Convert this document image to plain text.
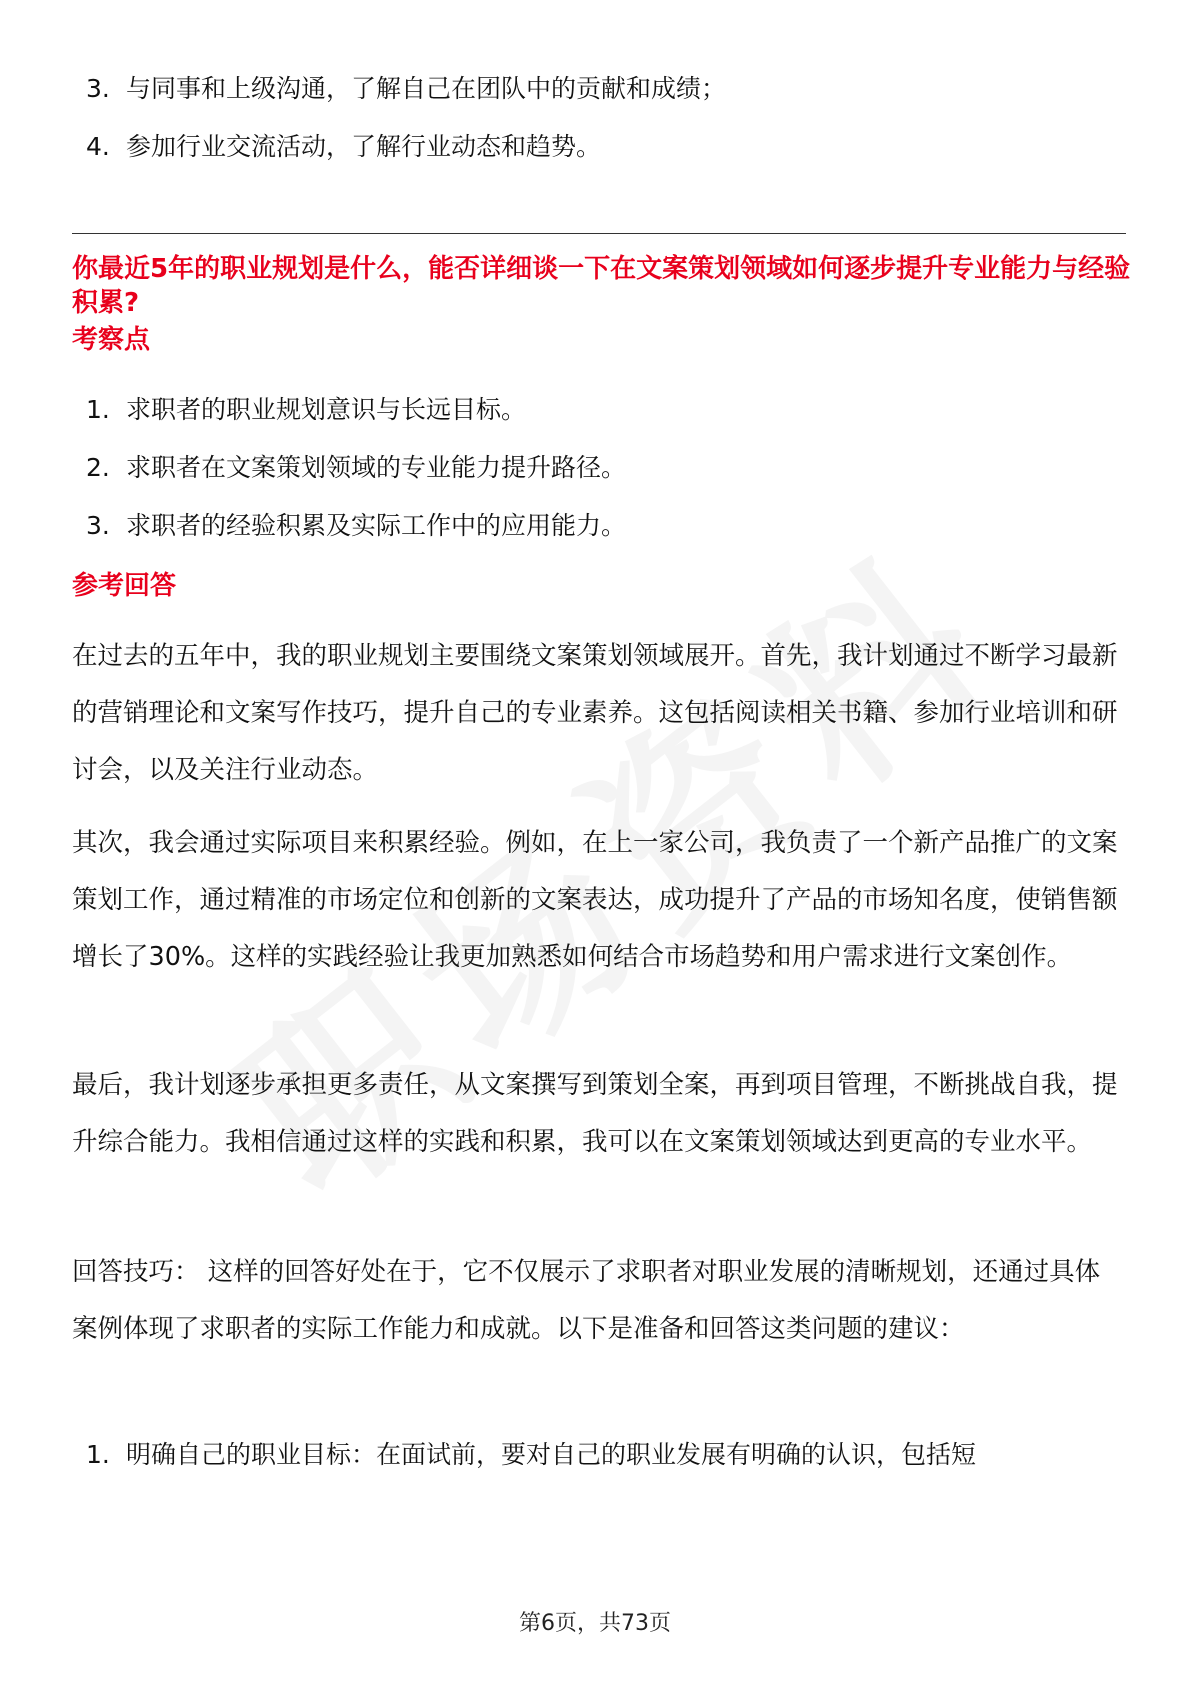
3. 与同事和上级沟通，了解自己在团队中的贡献和成绩；
4. 参加行业交流活动，了解行业动态和趋势。
你最近5年的职业规划是什么，能否详细谈一下在文案策划领域如何逐步提升专业能力与经验积累?
考察点
1. 求职者的职业规划意识与长远目标。
2. 求职者在文案策划领域的专业能力提升路径。
3. 求职者的经验积累及实际工作中的应用能力。
参考回答

在过去的五年中，我的职业规划主要围绕文案策划领域展开。首先，我计划通过不断学习最新的营销理论和文案写作技巧，提升自己的专业素养。这包括阅读相关书籍、参加行业培训和研讨会，以及关注行业动态。

其次，我会通过实际项目来积累经验。例如，在上一家公司，我负责了一个新产品推广的文案策划工作，通过精准的市场定位和创新的文案表达，成功提升了产品的市场知名度，使销售额增长了30%。这样的实践经验让我更加熟悉如何结合市场趋势和用户需求进行文案创作。

最后，我计划逐步承担更多责任，从文案撰写到策划全案，再到项目管理，不断挑战自我，提升综合能力。我相信通过这样的实践和积累，我可以在文案策划领域达到更高的专业水平。

回答技巧： 这样的回答好处在于，它不仅展示了求职者对职业发展的清晰规划，还通过具体案例体现了求职者的实际工作能力和成就。以下是准备和回答这类问题的建议：

1. 明确自己的职业目标：在面试前，要对自己的职业发展有明确的认识，包括短
第6页，共73页
